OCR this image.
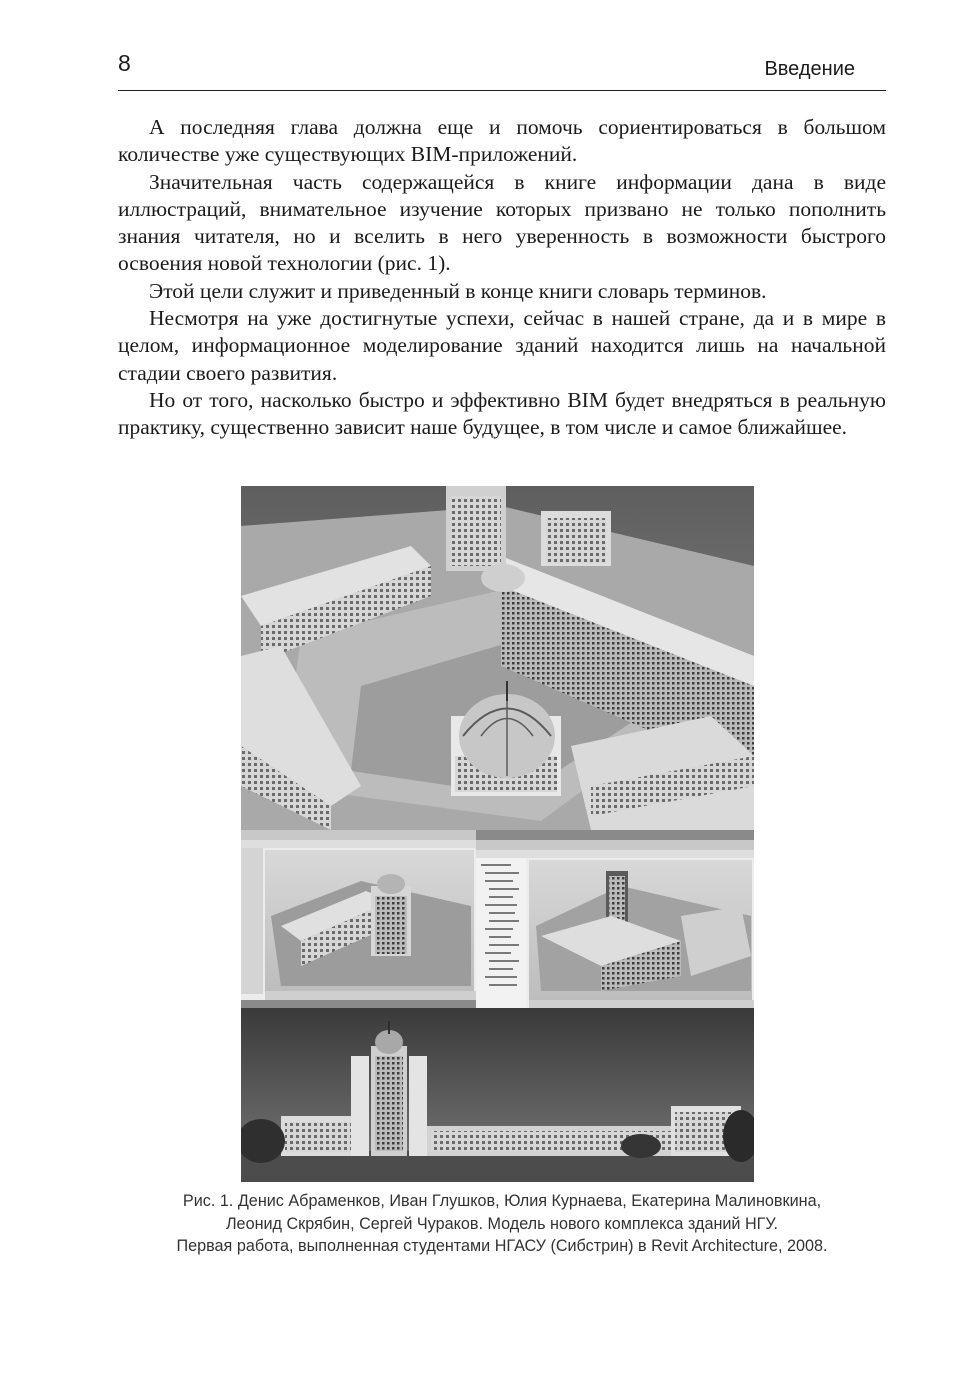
8	Введение

А последняя глава должна еще и помочь сориентироваться в большом количестве уже существующих BIM-приложений.

Значительная часть содержащейся в книге информации дана в виде иллюстраций, внимательное изучение которых призвано не только пополнить знания читателя, но и вселить в него уверенность в возможности быстрого освоения новой технологии (рис. 1).

Этой цели служит и приведенный в конце книги словарь терминов.

Несмотря на уже достигнутые успехи, сейчас в нашей стране, да и в мире в целом, информационное моделирование зданий находится лишь на начальной стадии своего развития.

Но от того, насколько быстро и эффективно BIM будет внедряться в реальную практику, существенно зависит наше будущее, в том числе и самое ближайшее.

Рис. 1. Денис Абраменков, Иван Глушков, Юлия Курнаева, Екатерина Малиновкина,
Леонид Скрябин, Сергей Чураков. Модель нового комплекса зданий НГУ.
Первая работа, выполненная студентами НГАСУ (Сибстрин) в Revit Architecture, 2008.
